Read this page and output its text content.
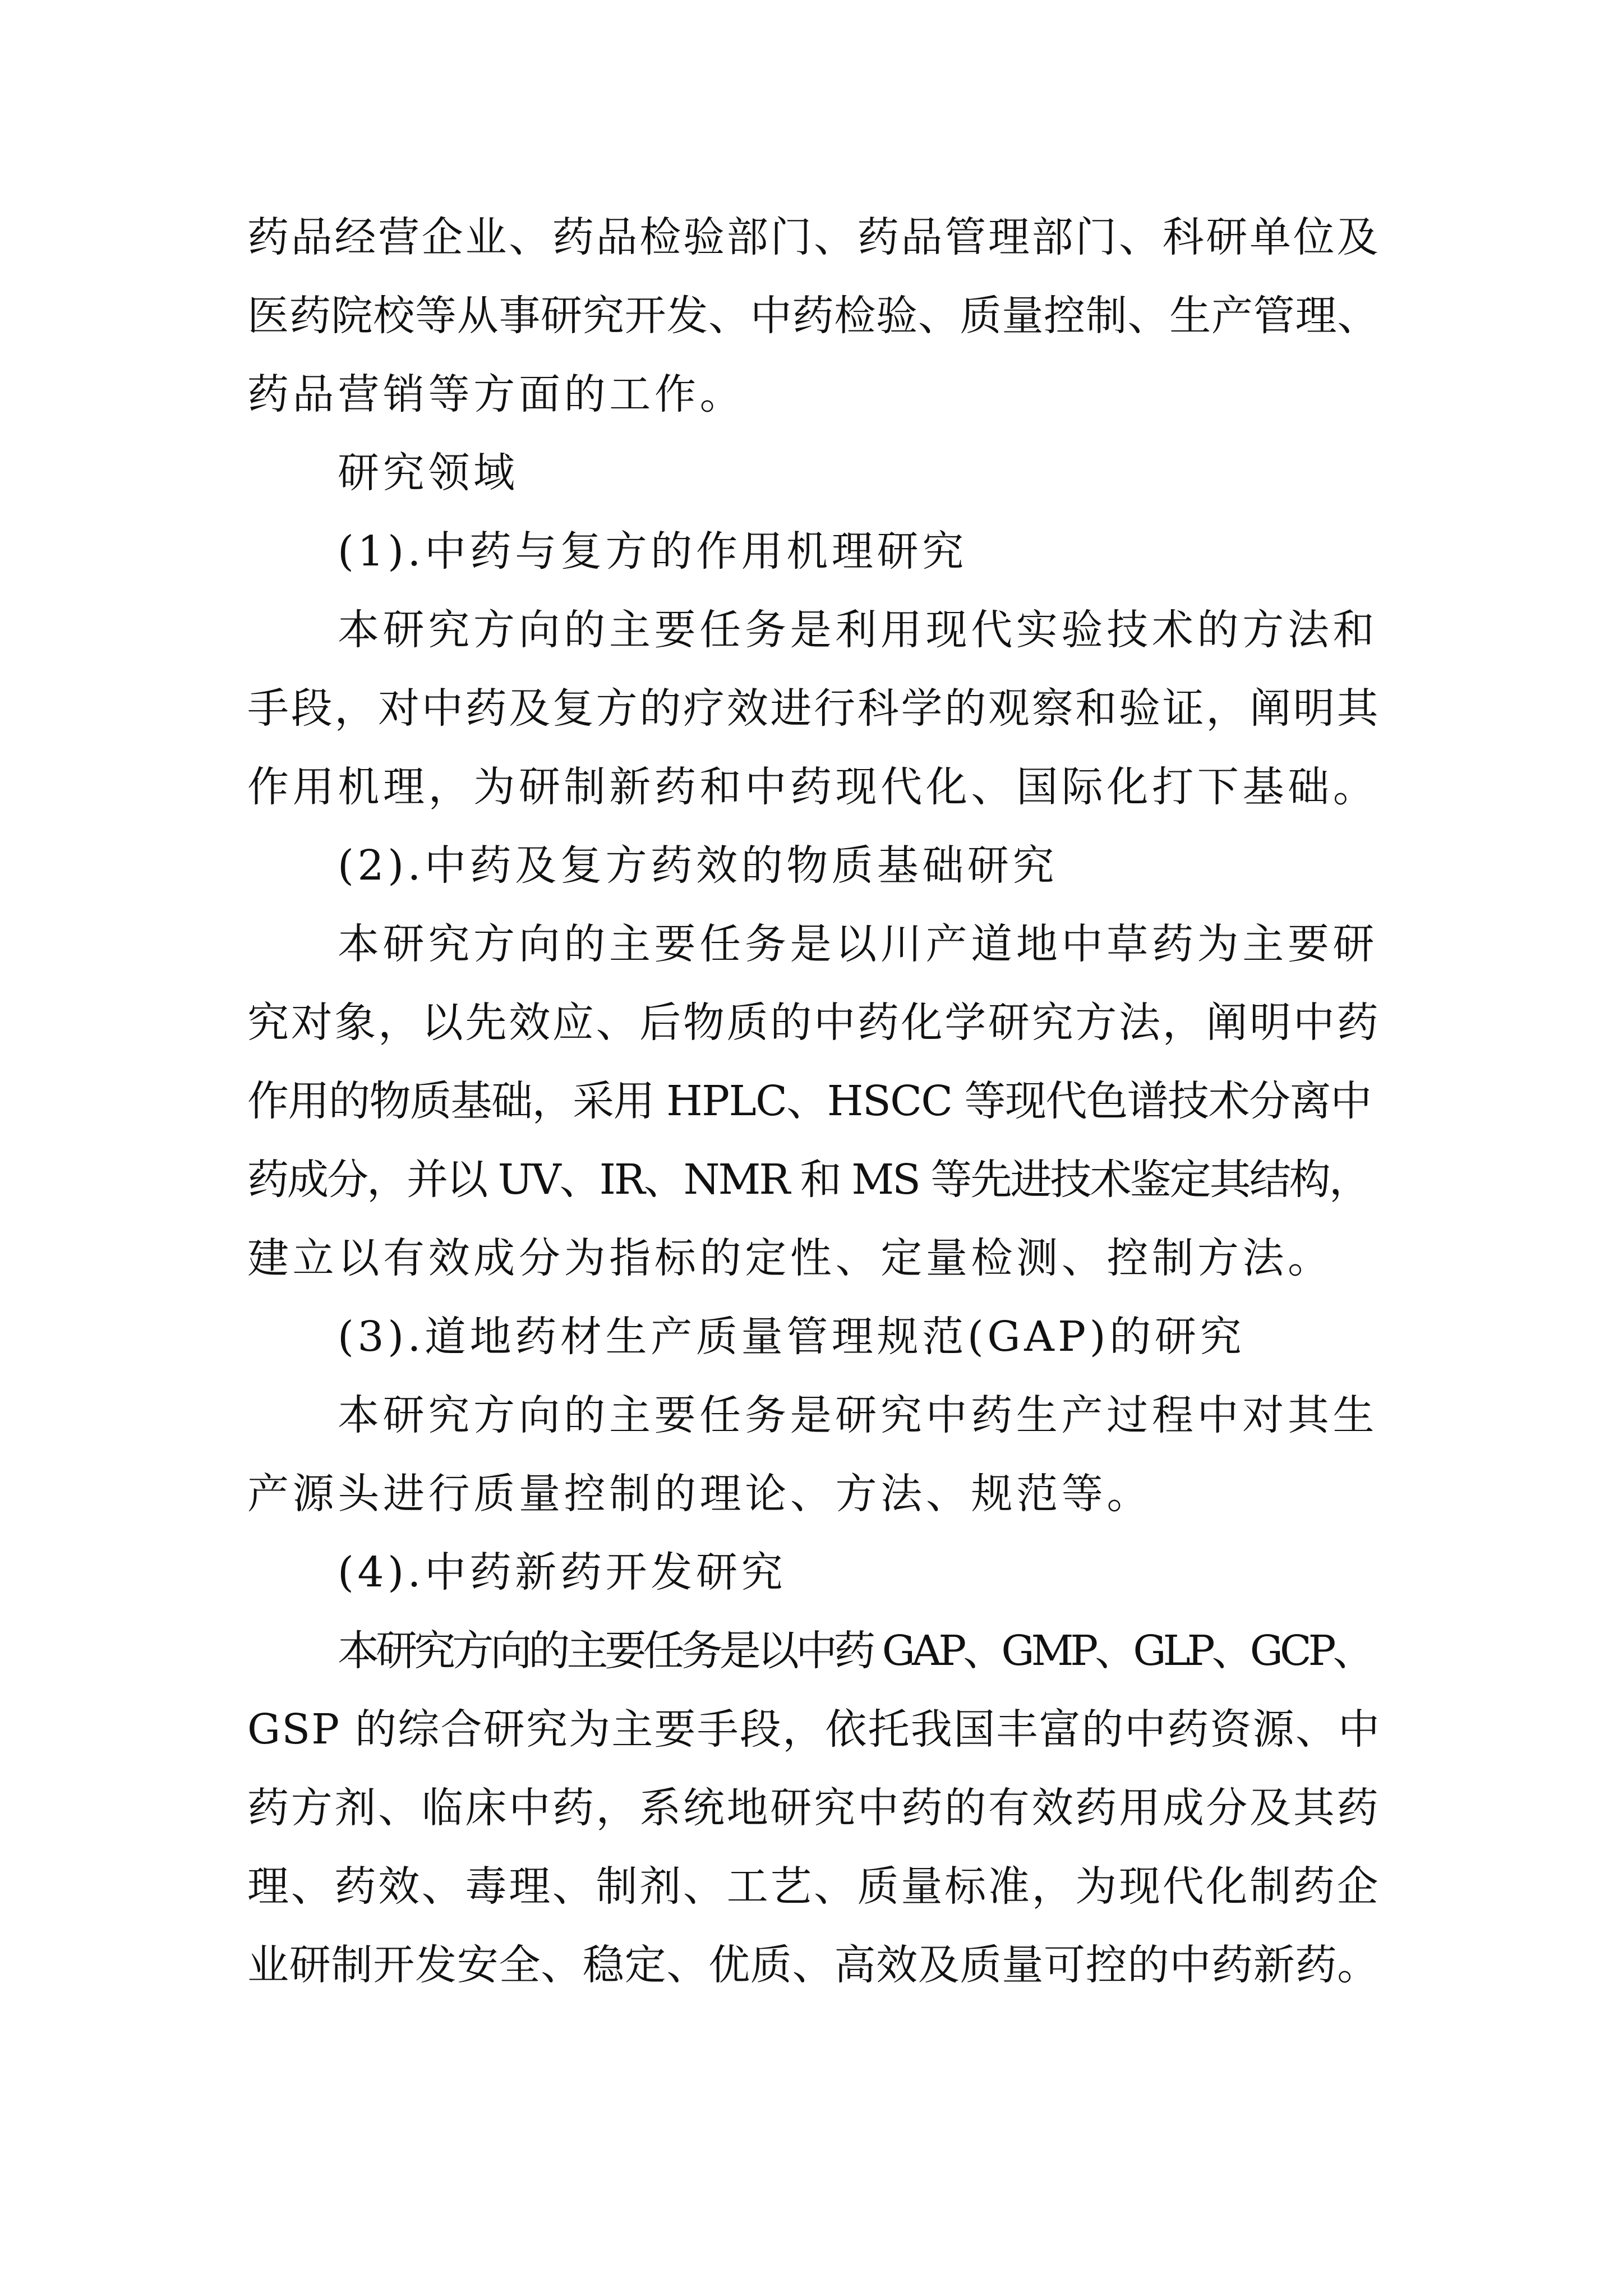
药品经营企业、药品检验部门、药品管理部门、科研单位及
医药院校等从事研究开发、中药检验、质量控制、生产管理、
药品营销等方面的工作。
研究领域
(1).中药与复方的作用机理研究
本研究方向的主要任务是利用现代实验技术的方法和
手段，对中药及复方的疗效进行科学的观察和验证，阐明其
作用机理，为研制新药和中药现代化、国际化打下基础。
(2).中药及复方药效的物质基础研究
本研究方向的主要任务是以川产道地中草药为主要研
究对象，以先效应、后物质的中药化学研究方法，阐明中药
作用的物质基础，采用 HPLC、HSCC 等现代色谱技术分离中
药成分，并以 UV、IR、NMR 和 MS 等先进技术鉴定其结构，
建立以有效成分为指标的定性、定量检测、控制方法。
(3).道地药材生产质量管理规范(GAP)的研究
本研究方向的主要任务是研究中药生产过程中对其生
产源头进行质量控制的理论、方法、规范等。
(4).中药新药开发研究
本研究方向的主要任务是以中药 GAP、GMP、GLP、GCP、
GSP 的综合研究为主要手段，依托我国丰富的中药资源、中
药方剂、临床中药，系统地研究中药的有效药用成分及其药
理、药效、毒理、制剂、工艺、质量标准，为现代化制药企
业研制开发安全、稳定、优质、高效及质量可控的中药新药。
